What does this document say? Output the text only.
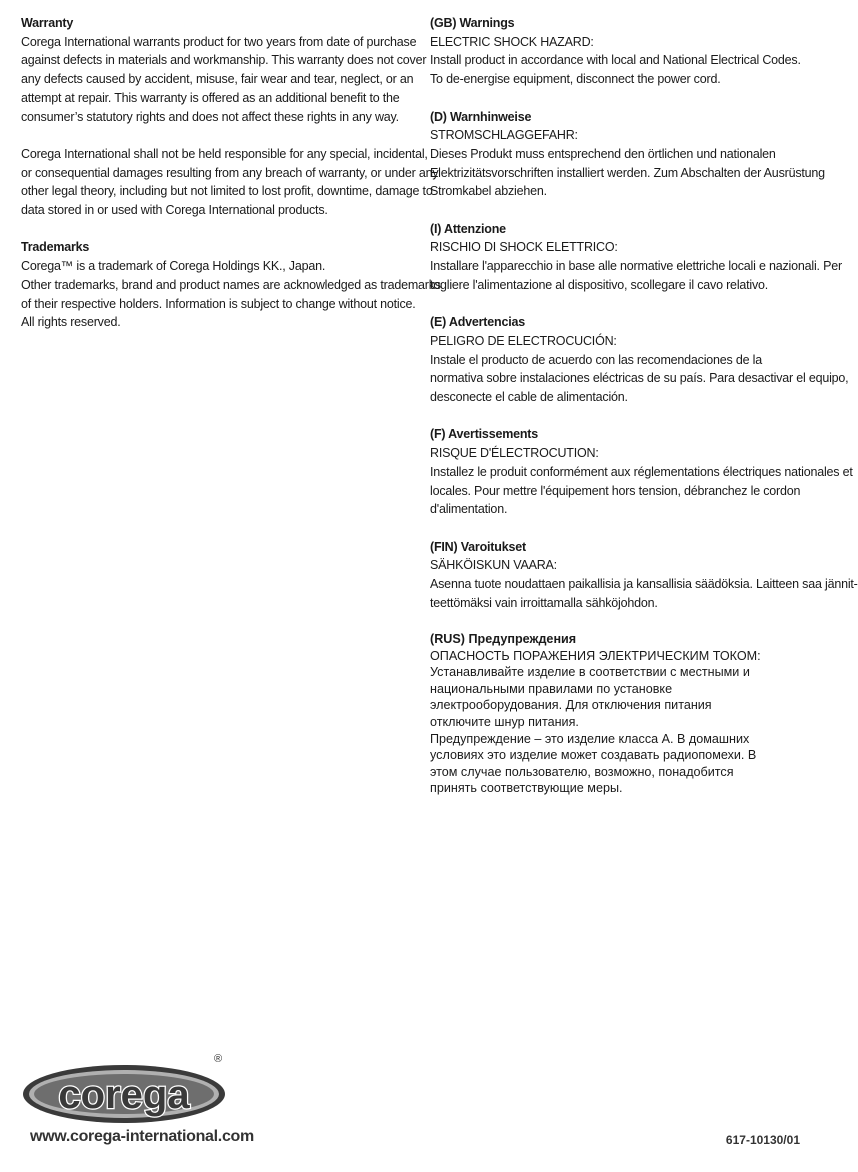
Warranty
Corega International warrants product for two years from date of purchase
against defects in materials and workmanship. This warranty does not cover
any defects caused by accident, misuse, fair wear and tear, neglect, or an
attempt at repair. This warranty is offered as an additional benefit to the
consumer’s statutory rights and does not affect these rights in any way.
Corega International shall not be held responsible for any special, incidental,
or consequential damages resulting from any breach of warranty, or under any
other legal theory, including but not limited to lost profit, downtime, damage to
data stored in or used with Corega International products.
Trademarks
Corega™ is a trademark of Corega Holdings KK., Japan.
Other trademarks, brand and product names are acknowledged as trademarks
of their respective holders. Information is subject to change without notice.
All rights reserved.
(GB) Warnings
ELECTRIC SHOCK HAZARD:
Install product in accordance with local and National Electrical Codes.
To de-energise equipment, disconnect the power cord.
(D) Warnhinweise
STROMSCHLAGGEFAHR:
Dieses Produkt muss entsprechend den örtlichen und nationalen
Elektrizitätsvorschriften installiert werden. Zum Abschalten der Ausrüstung
Stromkabel abziehen.
(I) Attenzione
RISCHIO DI SHOCK ELETTRICO:
Installare l'apparecchio in base alle normative elettriche locali e nazionali. Per
togliere l'alimentazione al dispositivo, scollegare il cavo relativo.
(E) Advertencias
PELIGRO DE ELECTROCUCIÓN:
Instale el producto de acuerdo con las recomendaciones de la
normativa sobre instalaciones eléctricas de su país. Para desactivar el equipo,
desconecte el cable de alimentación.
(F) Avertissements
RISQUE D'ÉLECTROCUTION:
Installez le produit conformément aux réglementations électriques nationales et
locales. Pour mettre l'équipement hors tension, débranchez le cordon
d'alimentation.
(FIN) Varoitukset
SÄHKÖISKUN VAARA:
Asenna tuote noudattaen paikallisia ja kansallisia säädöksia. Laitteen saa jännit-
teettömäksi vain irroittamalla sähköjohdon.
(RUS) Предупреждения
ОПАСНОСТЬ ПОРАЖЕНИЯ ЭЛЕКТРИЧЕСКИМ ТОКОМ:
Устанавливайте изделие в соответствии с местными и
национальными правилами по установке
электрооборудования. Для отключения питания
отключите шнур питания.
Предупреждение – это изделие класса А. В домашних
условиях это изделие может создавать радиопомехи. В
этом случае пользователю, возможно, понадобится
принять соответствующие меры.
corega
®
www.corega-international.com	617-10130/01
